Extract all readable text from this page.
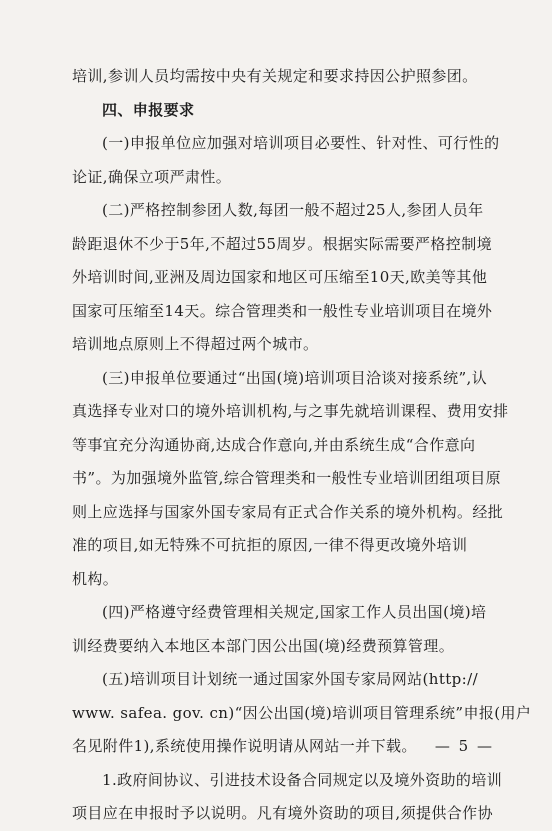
培训,参训人员均需按中央有关规定和要求持因公护照参团。
四、申报要求
(一)申报单位应加强对培训项目必要性、针对性、可行性的
论证,确保立项严肃性。
(二)严格控制参团人数,每团一般不超过25人,参团人员年
龄距退休不少于5年,不超过55周岁。根据实际需要严格控制境
外培训时间,亚洲及周边国家和地区可压缩至10天,欧美等其他
国家可压缩至14天。综合管理类和一般性专业培训项目在境外
培训地点原则上不得超过两个城市。
(三)申报单位要通过“出国(境)培训项目洽谈对接系统”,认
真选择专业对口的境外培训机构,与之事先就培训课程、费用安排
等事宜充分沟通协商,达成合作意向,并由系统生成“合作意向
书”。为加强境外监管,综合管理类和一般性专业培训团组项目原
则上应选择与国家外国专家局有正式合作关系的境外机构。经批
准的项目,如无特殊不可抗拒的原因,一律不得更改境外培训
机构。
(四)严格遵守经费管理相关规定,国家工作人员出国(境)培
训经费要纳入本地区本部门因公出国(境)经费预算管理。
(五)培训项目计划统一通过国家外国专家局网站(http://
www. safea. gov. cn)“因公出国(境)培训项目管理系统”申报(用户
名见附件1),系统使用操作说明请从网站一并下载。
1.政府间协议、引进技术设备合同规定以及境外资助的培训
项目应在申报时予以说明。凡有境外资助的项目,须提供合作协
— 5 —
